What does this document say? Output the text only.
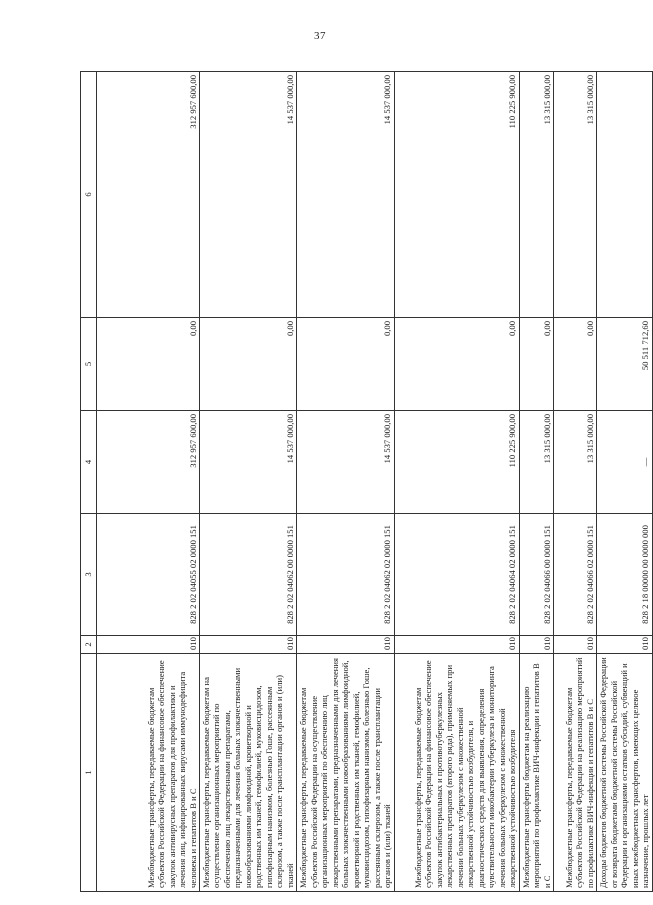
37
1	2	3	4	5	6
Межбюджетные трансферты, передаваемые бюджетам субъектов Российской Федерации на финансовое обеспечение закупок антивирусных препаратов для профилактики и лечения лиц, инфицированных вирусами иммунодефицита человека и гепатитов B и C	010	828 2 02 04055 02 0000 151	312 957 600,00	0,00	312 957 600,00
Межбюджетные трансферты, передаваемые бюджетам на осуществление организационных мероприятий по обеспечению лиц лекарственными препаратами, предназначенными для лечения больных злокачественными новообразованиями лимфоидной, кроветворной и родственных им тканей, гемофилией, муковисцидозом, гипофизарным нанизмом, болезнью Гоше, рассеянным склерозом, а также после трансплантации органов и (или) тканей	010	828 2 02 04062 00 0000 151	14 537 000,00	0,00	14 537 000,00
Межбюджетные трансферты, передаваемые бюджетам субъектов Российской Федерации на осуществление организационных мероприятий по обеспечению лиц лекарственными препаратами, предназначенными для лечения больных злокачественными новообразованиями лимфоидной, кроветворной и родственных им тканей, гемофилией, муковисцидозом, гипофизарным нанизмом, болезнью Гоше, рассеянным склерозом, а также после трансплантации органов и (или) тканей	010	828 2 02 04062 02 0000 151	14 537 000,00	0,00	14 537 000,00
Межбюджетные трансферты, передаваемые бюджетам субъектов Российской Федерации на финансовое обеспечение закупок антибактериальных и противотуберкулезных лекарственных препаратов (второго ряда), применяемых при лечении больных туберкулезом с множественной лекарственной устойчивостью возбудителя, и диагностических средств для выявления, определения чувствительности микобактерии туберкулеза и мониторинга лечения больных туберкулезом с множественной лекарственной устойчивостью возбудителя	010	828 2 02 04064 02 0000 151	110 225 900,00	0,00	110 225 900,00
Межбюджетные трансферты бюджетам на реализацию мероприятий по профилактике ВИЧ-инфекции и гепатитов B и C	010	828 2 02 04066 00 0000 151	13 315 000,00	0,00	13 315 000,00
Межбюджетные трансферты, передаваемые бюджетам субъектов Российской Федерации на реализацию мероприятий по профилактике ВИЧ-инфекции и гепатитов B и C	010	828 2 02 04066 02 0000 151	13 315 000,00	0,00	13 315 000,00
Доходы бюджетов бюджетной системы Российской Федерации от возврата бюджетами бюджетной системы Российской Федерации и организациями остатков субсидий, субвенций и иных межбюджетных трансфертов, имеющих целевое назначение, прошлых лет	010	828 2 18 00000 00 0000 000	—	50 511 712,60	
